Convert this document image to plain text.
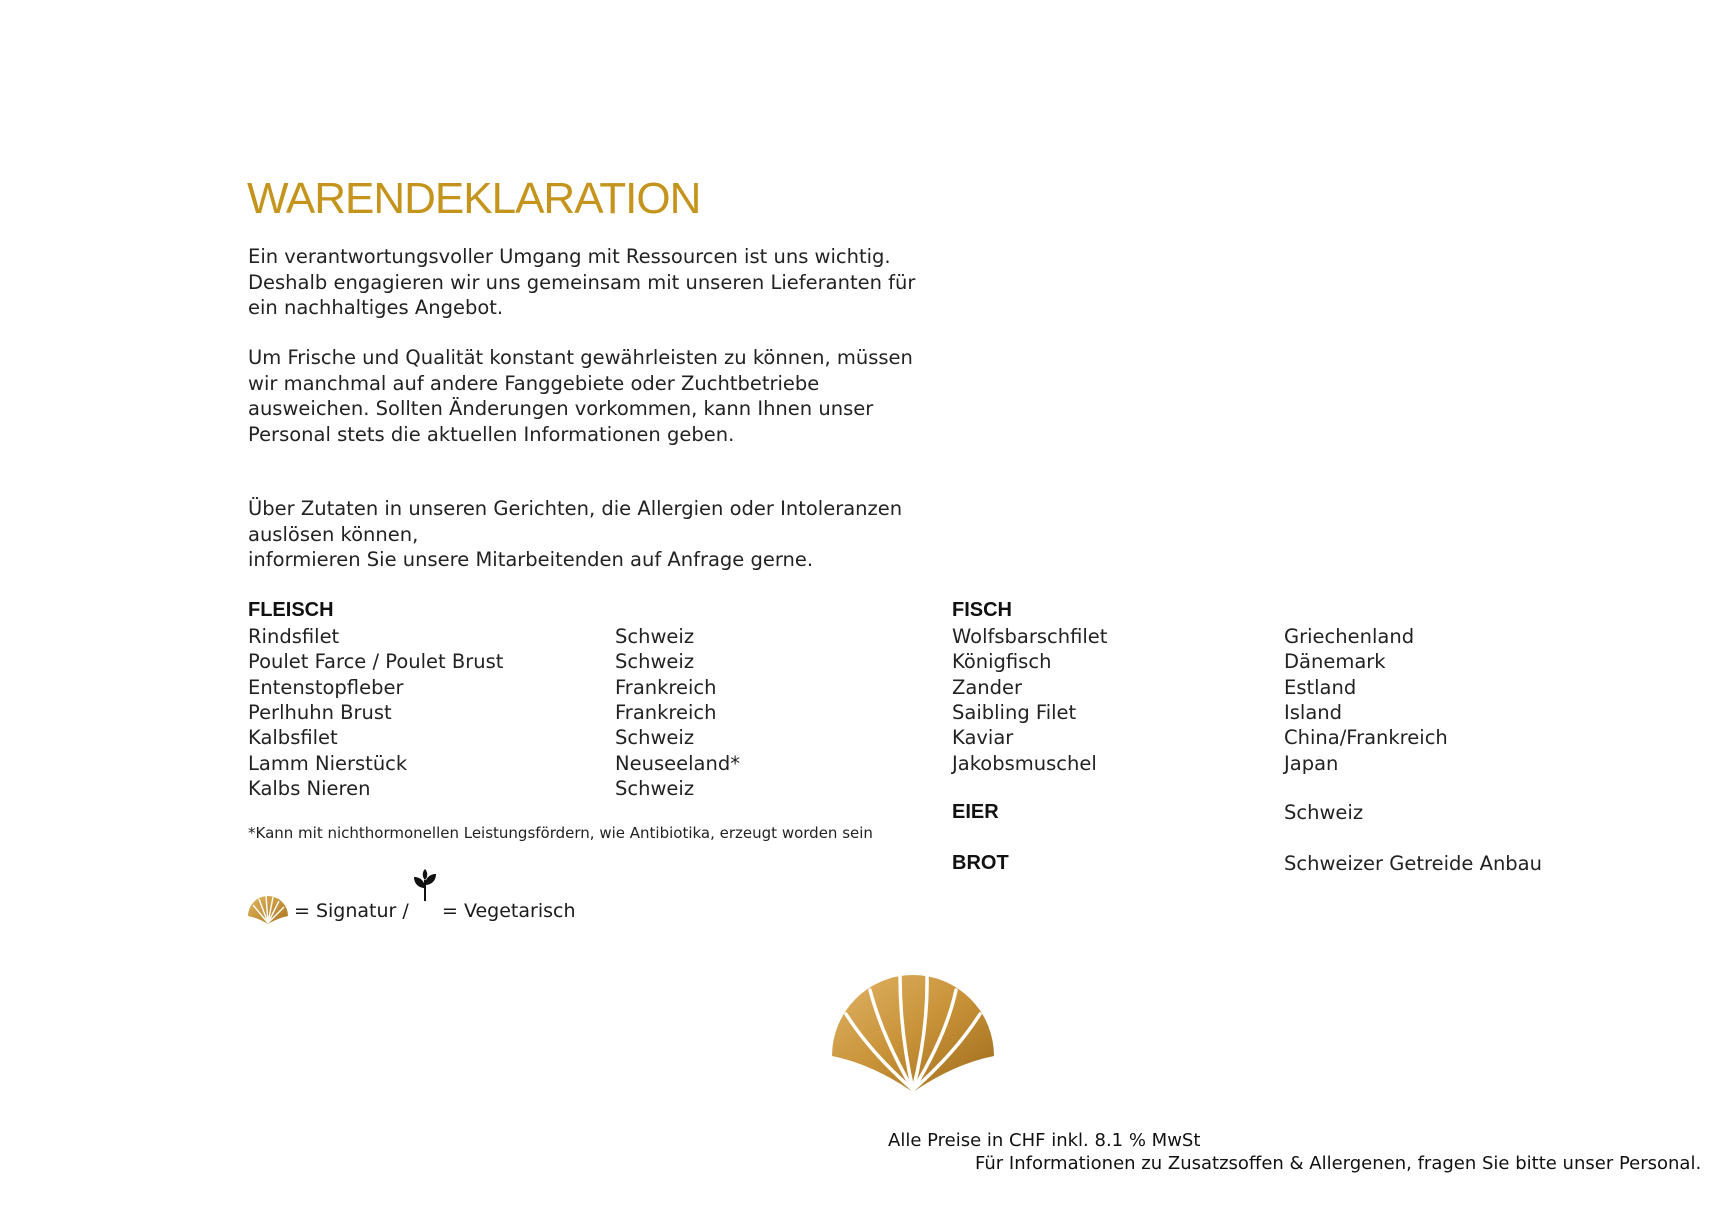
WARENDEKLARATION

Ein verantwortungsvoller Umgang mit Ressourcen ist uns wichtig.
Deshalb engagieren wir uns gemeinsam mit unseren Lieferanten für
ein nachhaltiges Angebot.

Um Frische und Qualität konstant gewährleisten zu können, müssen
wir manchmal auf andere Fanggebiete oder Zuchtbetriebe
ausweichen. Sollten Änderungen vorkommen, kann Ihnen unser
Personal stets die aktuellen Informationen geben.

Über Zutaten in unseren Gerichten, die Allergien oder Intoleranzen
auslösen können,
informieren Sie unsere Mitarbeitenden auf Anfrage gerne.

FLEISCH
Rindsfilet	Schweiz
Poulet Farce / Poulet Brust	Schweiz
Entenstopfleber	Frankreich
Perlhuhn Brust	Frankreich
Kalbsfilet	Schweiz
Lamm Nierstück	Neuseeland*
Kalbs Nieren	Schweiz
*Kann mit nichthormonellen Leistungsfördern, wie Antibiotika, erzeugt worden sein
FISCH
Wolfsbarschfilet	Griechenland
Königfisch	Dänemark
Zander	Estland
Saibling Filet	Island
Kaviar	China/Frankreich
Jakobsmuschel	Japan
EIER	Schweiz
BROT	Schweizer Getreide Anbau
= Signatur / = Vegetarisch
Alle Preise in CHF inkl. 8.1 % MwSt
Für Informationen zu Zusatzsoffen & Allergenen, fragen Sie bitte unser Personal.
